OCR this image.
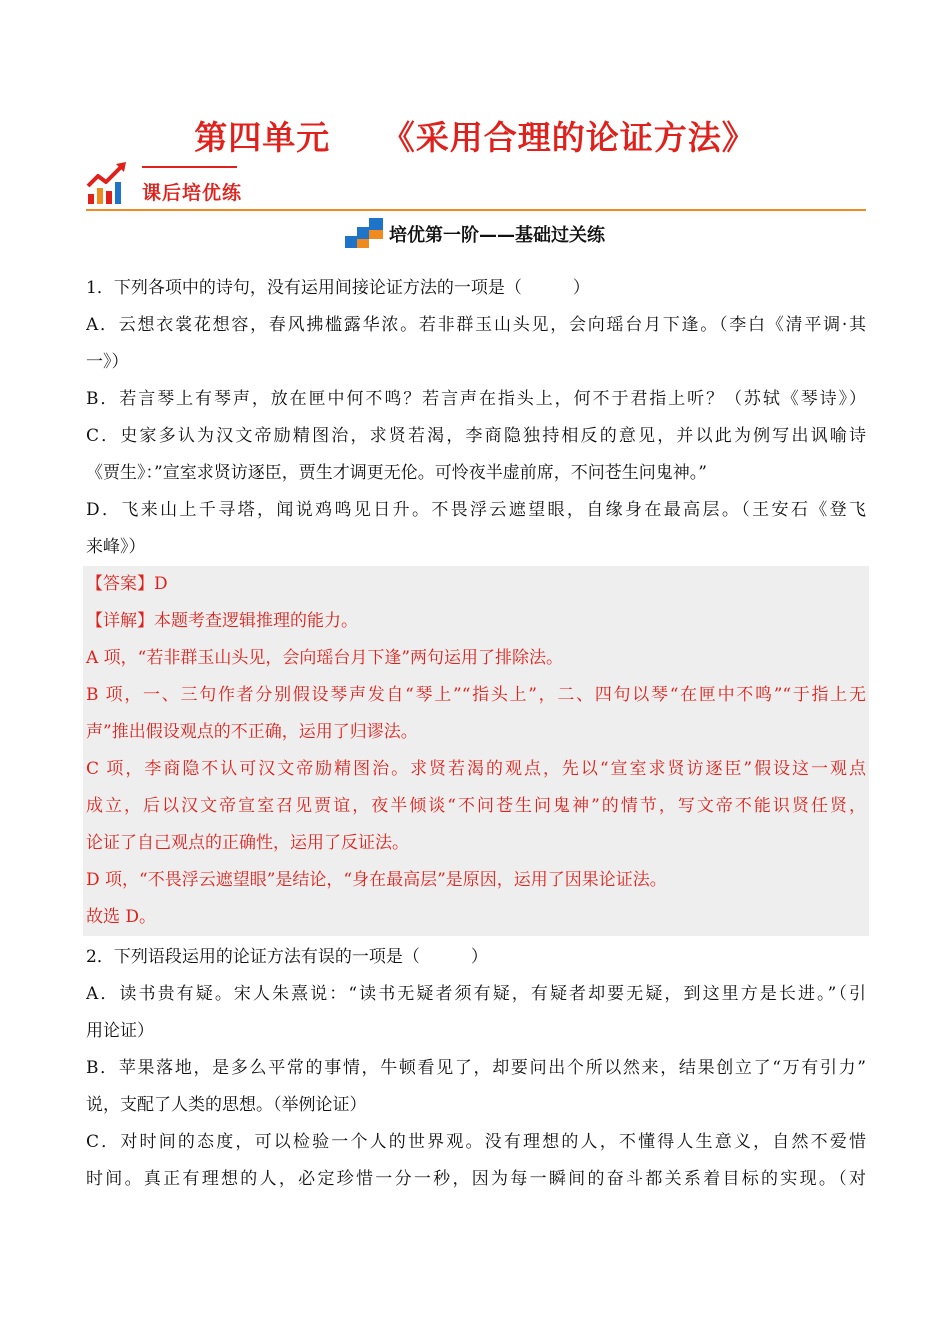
第四单元　　《采用合理的论证方法》
课后培优练
培优第一阶——基础过关练
1．下列各项中的诗句，没有运用间接论证方法的一项是（　　　）
A．云想衣裳花想容，春风拂槛露华浓。若非群玉山头见，会向瑶台月下逢。（李白《清平调·其
一》）
B．若言琴上有琴声，放在匣中何不鸣？若言声在指头上，何不于君指上听？（苏轼《琴诗》）
C．史家多认为汉文帝励精图治，求贤若渴，李商隐独持相反的意见，并以此为例写出讽喻诗
《贾生》：”宣室求贤访逐臣，贾生才调更无伦。可怜夜半虚前席，不问苍生问鬼神。”
D．飞来山上千寻塔，闻说鸡鸣见日升。不畏浮云遮望眼，自缘身在最高层。（王安石《登飞
来峰》）
【答案】D
【详解】本题考查逻辑推理的能力。
A 项，“若非群玉山头见，会向瑶台月下逢”两句运用了排除法。
B 项，一、三句作者分别假设琴声发自“琴上”“指头上”，二、四句以琴“在匣中不鸣”“于指上无
声”推出假设观点的不正确，运用了归谬法。
C 项，李商隐不认可汉文帝励精图治。求贤若渴的观点，先以“宣室求贤访逐臣”假设这一观点
成立，后以汉文帝宣室召见贾谊，夜半倾谈“不问苍生问鬼神”的情节，写文帝不能识贤任贤，
论证了自己观点的正确性，运用了反证法。
D 项，“不畏浮云遮望眼”是结论，“身在最高层”是原因，运用了因果论证法。
故选 D。
2．下列语段运用的论证方法有误的一项是（　　　）
A．读书贵有疑。宋人朱熹说：“读书无疑者须有疑，有疑者却要无疑，到这里方是长进。”（引
用论证）
B．苹果落地，是多么平常的事情，牛顿看见了，却要问出个所以然来，结果创立了“万有引力”
说，支配了人类的思想。（举例论证）
C．对时间的态度，可以检验一个人的世界观。没有理想的人，不懂得人生意义，自然不爱惜
时间。真正有理想的人，必定珍惜一分一秒，因为每一瞬间的奋斗都关系着目标的实现。（对
